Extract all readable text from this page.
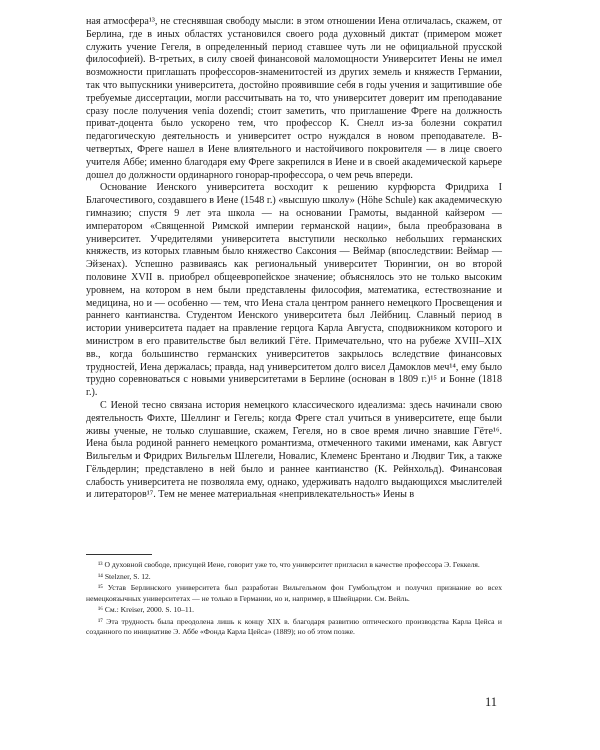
ная атмосфера¹³, не стеснявшая свободу мысли: в этом отношении Иена отличалась, скажем, от Берлина, где в иных областях установился своего рода духовный диктат (примером может служить учение Гегеля, в определенный период ставшее чуть ли не официальной прусской философией). В-третьих, в силу своей финансовой маломощности Университет Иены не имел возможности приглашать профессоров-знаменитостей из других земель и княжеств Германии, так что выпускники университета, достойно проявившие себя в годы учения и защитившие обе требуемые диссертации, могли рассчитывать на то, что университет доверит им преподавание сразу после получения venia dozendi; стоит заметить, что приглашение Фреге на должность приват-доцента было ускорено тем, что профессор К. Снелл из-за болезни сократил педагогическую деятельность и университет остро нуждался в новом преподавателе. В-четвертых, Фреге нашел в Иене влиятельного и настойчивого покровителя — в лице своего учителя Аббе; именно благодаря ему Фреге закрепился в Иене и в своей академической карьере дошел до должности ординарного гонорар-профессора, о чем речь впереди.

Основание Иенского университета восходит к решению курфюрста Фридриха I Благочестивого, создавшего в Иене (1548 г.) «высшую школу» (Höhe Schule) как академическую гимназию; спустя 9 лет эта школа — на основании Грамоты, выданной кайзером — императором «Священной Римской империи германской нации», была преобразована в университет. Учредителями университета выступили несколько небольших германских княжеств, из которых главным было княжество Саксония — Веймар (впоследствии: Веймар — Эйзенах). Успешно развиваясь как региональный университет Тюрингии, он во второй половине XVII в. приобрел общеевропейское значение; объяснялось это не только высоким уровнем, на котором в нем были представлены философия, математика, естествознание и медицина, но и — особенно — тем, что Иена стала центром раннего немецкого Просвещения и раннего кантианства. Студентом Иенского университета был Лейбниц. Славный период в истории университета падает на правление герцога Карла Августа, сподвижником которого и министром в его правительстве был великий Гёте. Примечательно, что на рубеже XVIII–XIX вв., когда большинство германских университетов закрылось вследствие финансовых трудностей, Иена держалась; правда, над университетом долго висел Дамоклов меч¹⁴, ему было трудно соревноваться с новыми университетами в Берлине (основан в 1809 г.)¹⁵ и Бонне (1818 г.).

С Иеной тесно связана история немецкого классического идеализма: здесь начинали свою деятельность Фихте, Шеллинг и Гегель; когда Фреге стал учиться в университете, еще были живы ученые, не только слушавшие, скажем, Гегеля, но в свое время лично знавшие Гёте¹⁶. Иена была родиной раннего немецкого романтизма, отмеченного такими именами, как Август Вильгельм и Фридрих Вильгельм Шлегели, Новалис, Клеменс Брентано и Людвиг Тик, а также Гёльдерлин; представлено в ней было и раннее кантианство (К. Рейнхольд). Финансовая слабость университета не позволяла ему, однако, удерживать надолго выдающихся мыслителей и литераторов¹⁷. Тем не менее материальная «непривлекательность» Иены в

¹³ О духовной свободе, присущей Иене, говорит уже то, что университет пригласил в качестве профессора Э. Геккеля.

¹⁴ Stelzner, S. 12.

¹⁵ Устав Берлинского университета был разработан Вильгельмом фон Гумбольдтом и получил признание во всех немецкоязычных университетах — не только в Германии, но и, например, в Швейцарии. См. Вейль.

¹⁶ См.: Kreiser, 2000. S. 10–11.

¹⁷ Эта трудность была преодолена лишь к концу XIX в. благодаря развитию оптического производства Карла Цейса и созданного по инициативе Э. Аббе «Фонда Карла Цейса» (1889); но об этом позже.

11
